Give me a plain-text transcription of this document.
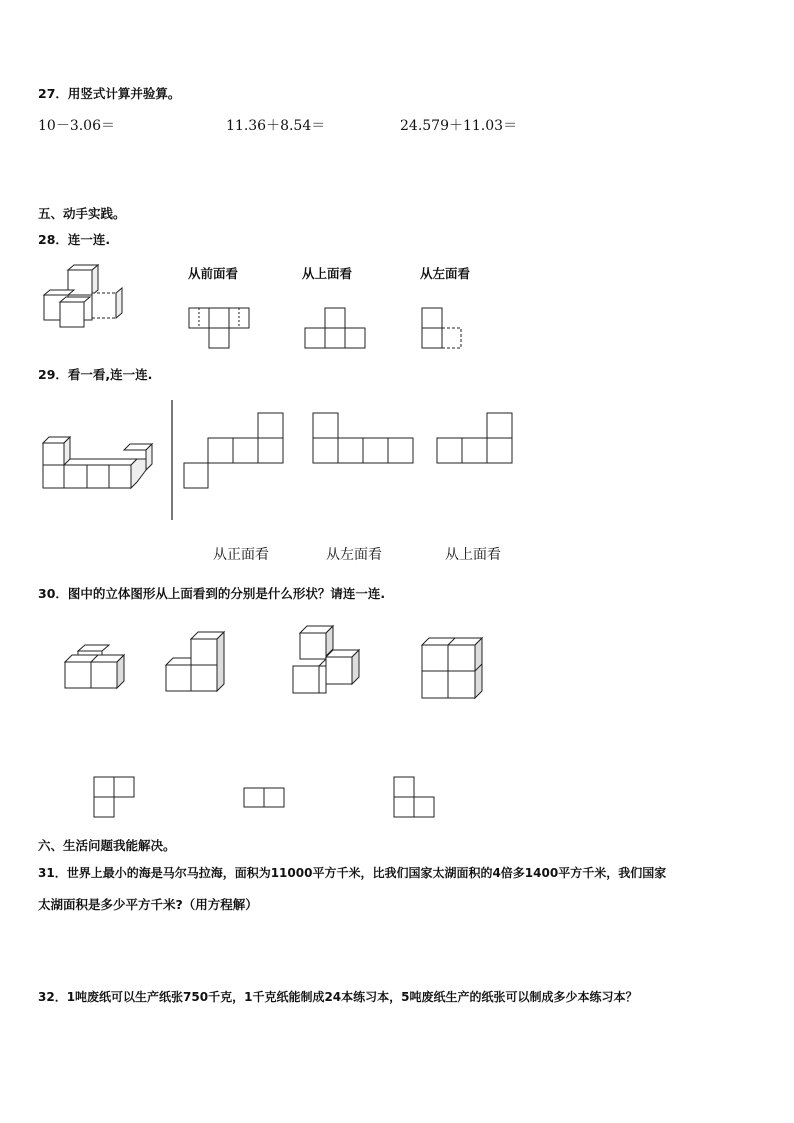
27．用竖式计算并验算。
10－3.06＝	11.36＋8.54＝	24.579＋11.03＝
五、动手实践。
28．连一连.
从前面看	从上面看	从左面看
29．看一看,连一连.
从正面看	从左面看	从上面看
30．图中的立体图形从上面看到的分别是什么形状？请连一连.
六、生活问题我能解决。
31．世界上最小的海是马尔马拉海，面积为11000平方千米，比我们国家太湖面积的4倍多1400平方千米，我们国家
太湖面积是多少平方千米?（用方程解）
32．1吨废纸可以生产纸张750千克，1千克纸能制成24本练习本，5吨废纸生产的纸张可以制成多少本练习本？
